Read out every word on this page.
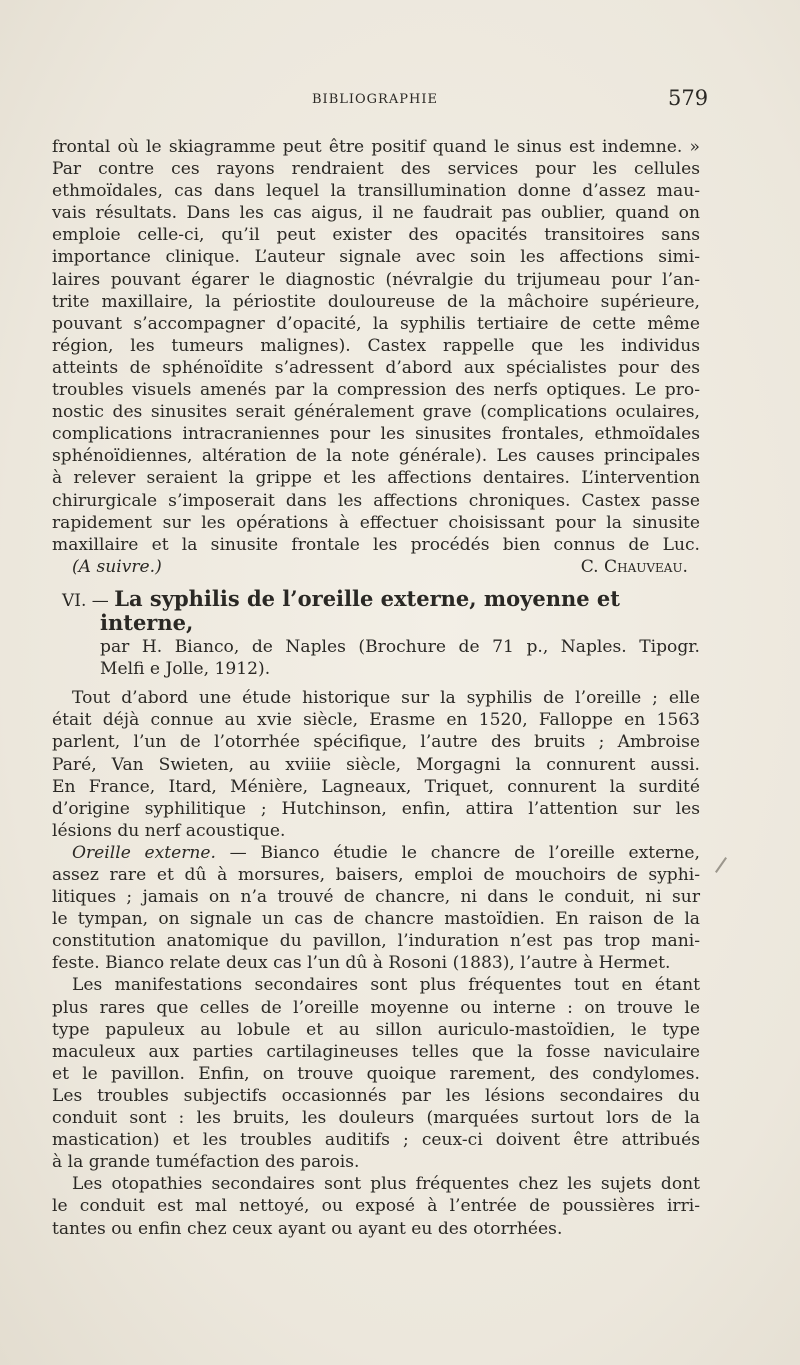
BIBLIOGRAPHIE	579

frontal où le skiagramme peut être positif quand le sinus est indemne. »

Par contre ces rayons rendraient des services pour les cellules

ethmoïdales, cas dans lequel la transillumination donne d’assez mau-

vais résultats. Dans les cas aigus, il ne faudrait pas oublier, quand on

emploie celle-ci, qu’il peut exister des opacités transitoires sans

importance clinique. L’auteur signale avec soin les affections simi-

laires pouvant égarer le diagnostic (névralgie du trijumeau pour l’an-

trite maxillaire, la périostite douloureuse de la mâchoire supérieure,

pouvant s’accompagner d’opacité, la syphilis tertiaire de cette même

région, les tumeurs malignes). Castex rappelle que les individus

atteints de sphénoïdite s’adressent d’abord aux spécialistes pour des

troubles visuels amenés par la compression des nerfs optiques. Le pro-

nostic des sinusites serait généralement grave (complications oculaires,

complications intracraniennes pour les sinusites frontales, ethmoïdales

sphénoïdiennes, altération de la note générale). Les causes principales

à relever seraient la grippe et les affections dentaires. L’intervention

chirurgicale s’imposerait dans les affections chroniques. Castex passe

rapidement sur les opérations à effectuer choisissant pour la sinusite

maxillaire et la sinusite frontale les procédés bien connus de Luc.

(A suivre.)	C. Chauveau.
VI. — La syphilis de l’oreille externe, moyenne et interne,

par H. Bianco, de Naples (Brochure de 71 p., Naples. Tipogr.

Melfi e Jolle, 1912).

Tout d’abord une étude historique sur la syphilis de l’oreille ; elle

était déjà connue au xvie siècle, Erasme en 1520, Falloppe en 1563

parlent, l’un de l’otorrhée spécifique, l’autre des bruits ; Ambroise

Paré, Van Swieten, au xviiie siècle, Morgagni la connurent aussi.

En France, Itard, Ménière, Lagneaux, Triquet, connurent la surdité

d’origine syphilitique ; Hutchinson, enfin, attira l’attention sur les

lésions du nerf acoustique.

Oreille externe. — Bianco étudie le chancre de l’oreille externe,

assez rare et dû à morsures, baisers, emploi de mouchoirs de syphi-

litiques ; jamais on n’a trouvé de chancre, ni dans le conduit, ni sur

le tympan, on signale un cas de chancre mastoïdien. En raison de la

constitution anatomique du pavillon, l’induration n’est pas trop mani-

feste. Bianco relate deux cas l’un dû à Rosoni (1883), l’autre à Hermet.

Les manifestations secondaires sont plus fréquentes tout en étant

plus rares que celles de l’oreille moyenne ou interne : on trouve le

type papuleux au lobule et au sillon auriculo-mastoïdien, le type

maculeux aux parties cartilagineuses telles que la fosse naviculaire

et le pavillon. Enfin, on trouve quoique rarement, des condylomes.

Les troubles subjectifs occasionnés par les lésions secondaires du

conduit sont : les bruits, les douleurs (marquées surtout lors de la

mastication) et les troubles auditifs ; ceux-ci doivent être attribués

à la grande tuméfaction des parois.

Les otopathies secondaires sont plus fréquentes chez les sujets dont

le conduit est mal nettoyé, ou exposé à l’entrée de poussières irri-

tantes ou enfin chez ceux ayant ou ayant eu des otorrhées.
